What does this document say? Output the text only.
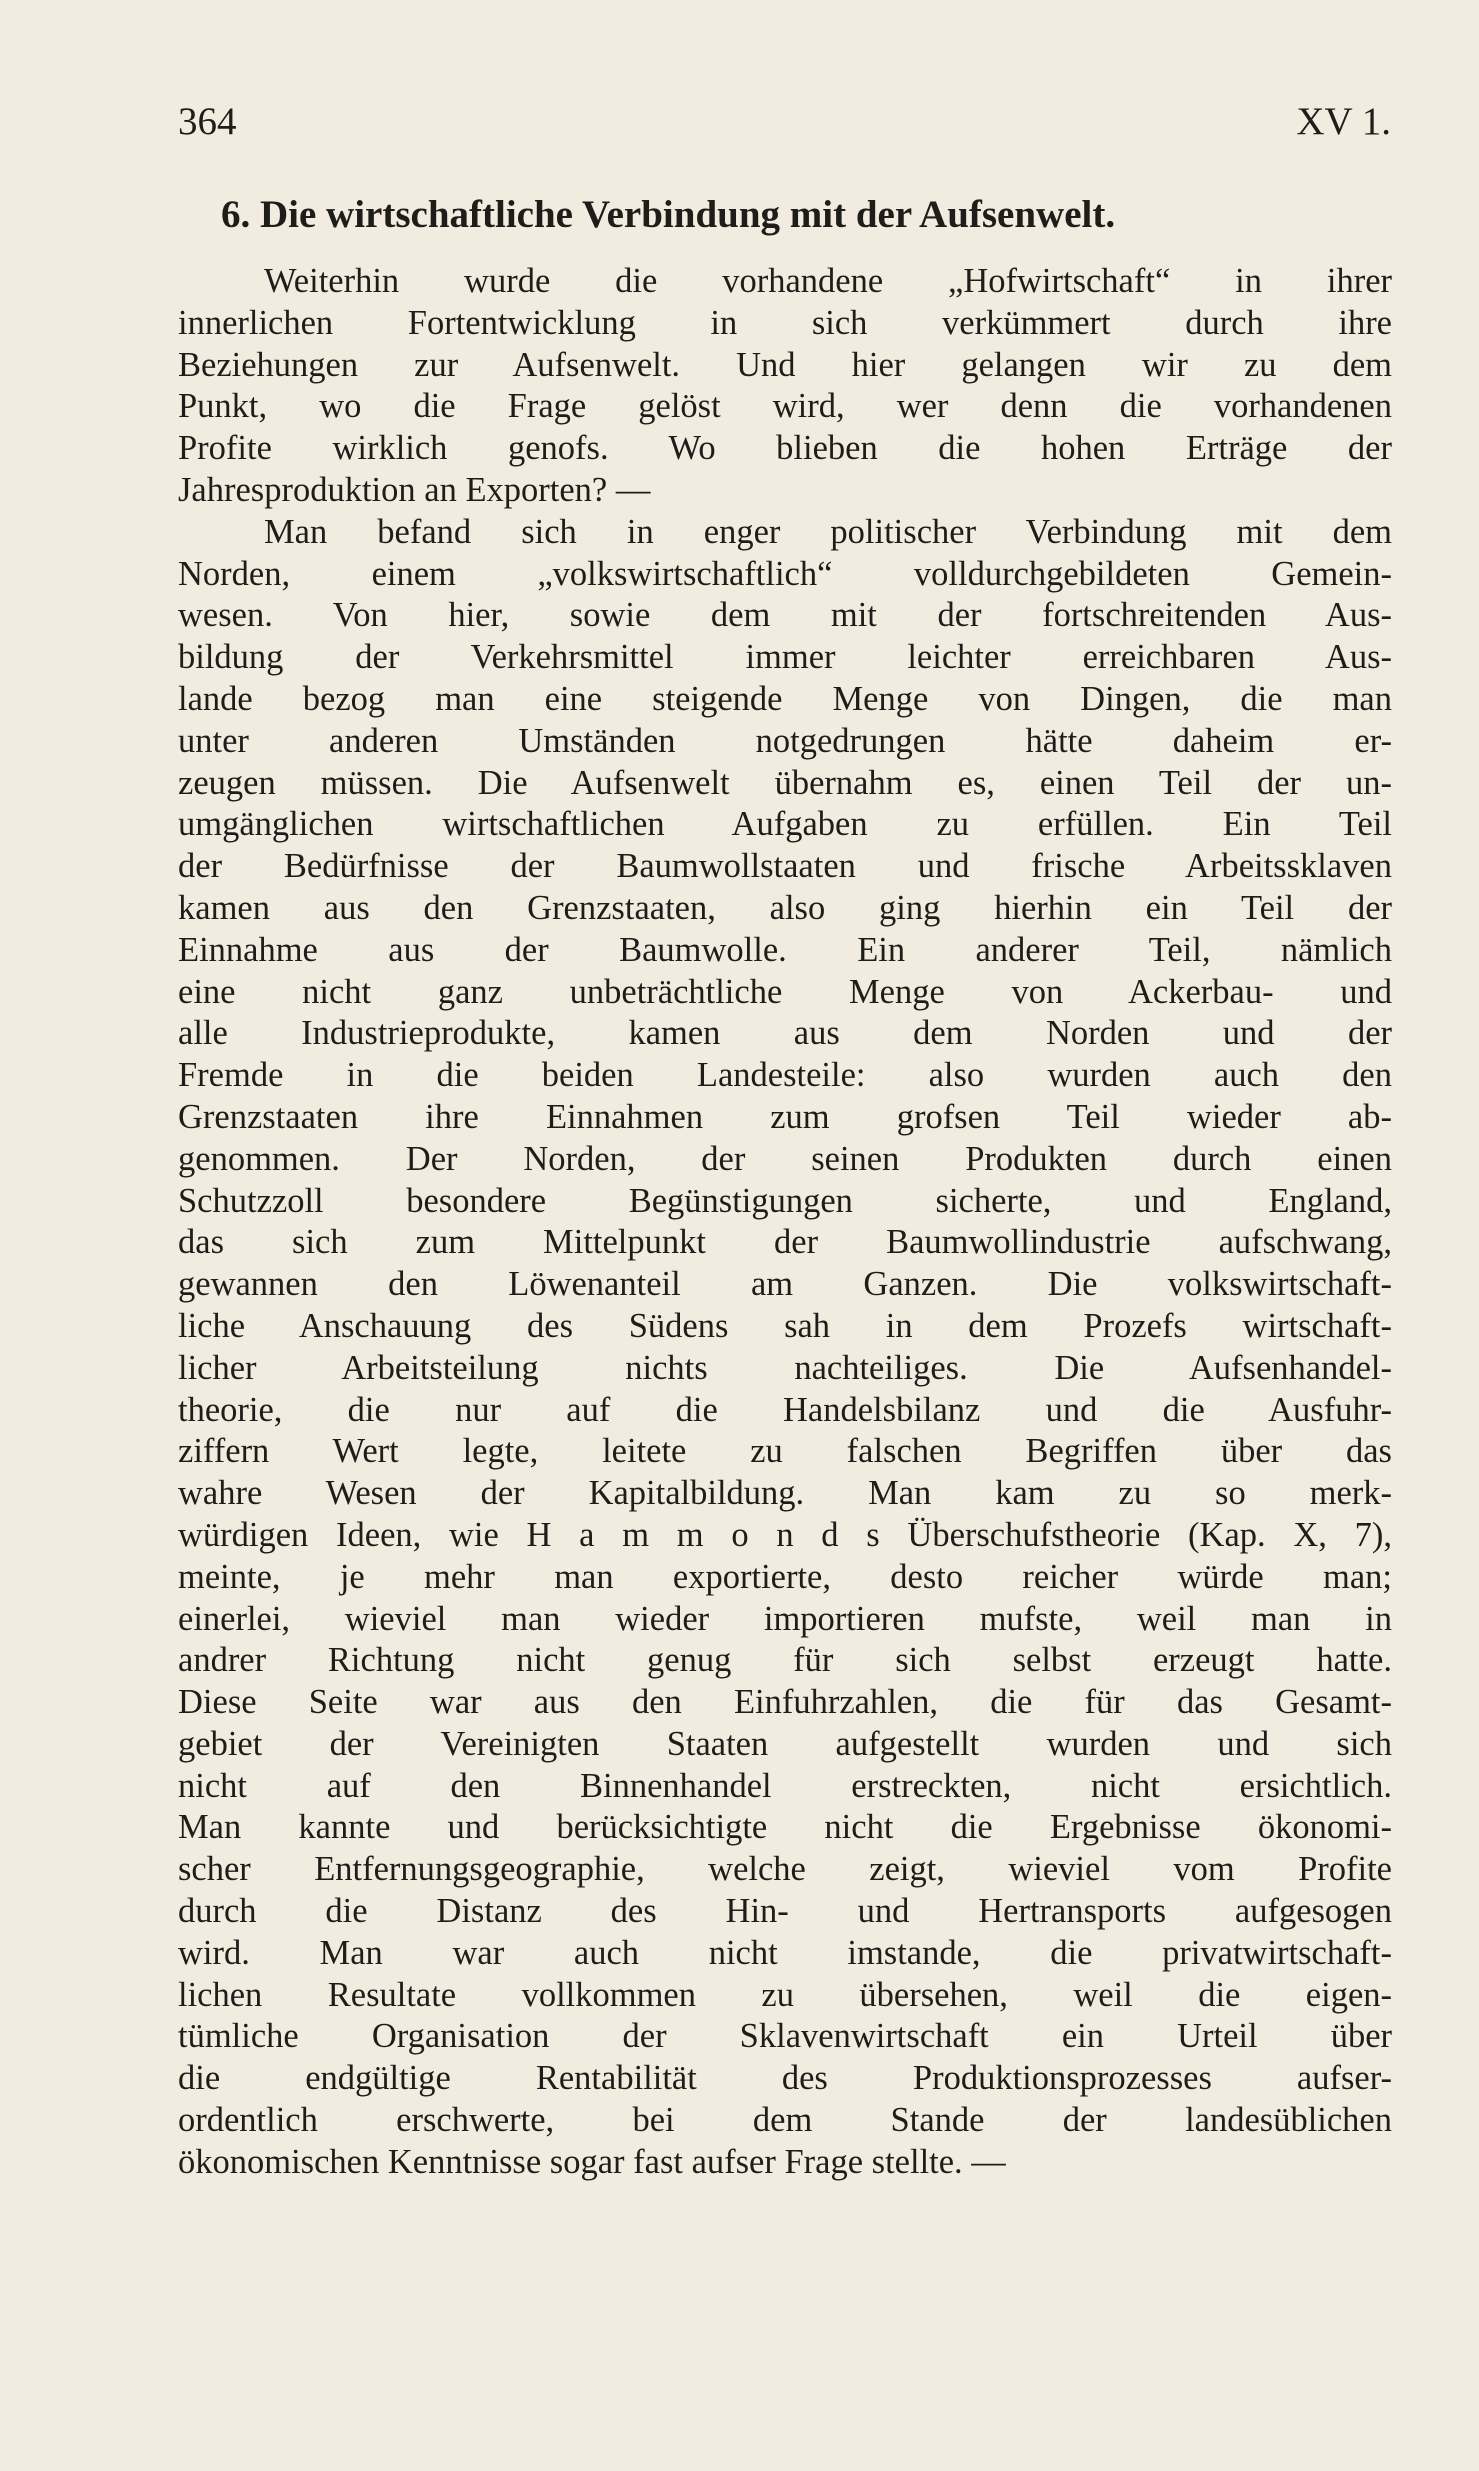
364	XV 1.
6. Die wirtschaftliche Verbindung mit der Aufsenwelt.
Weiterhin wurde die vorhandene „Hofwirtschaft“ in ihrer
innerlichen Fortentwicklung in sich verkümmert durch ihre
Beziehungen zur Aufsenwelt. Und hier gelangen wir zu dem
Punkt, wo die Frage gelöst wird, wer denn die vorhandenen
Profite wirklich genofs. Wo blieben die hohen Erträge der
Jahresproduktion an Exporten? —
Man befand sich in enger politischer Verbindung mit dem
Norden, einem „volkswirtschaftlich“ volldurchgebildeten Gemein-
wesen. Von hier, sowie dem mit der fortschreitenden Aus-
bildung der Verkehrsmittel immer leichter erreichbaren Aus-
lande bezog man eine steigende Menge von Dingen, die man
unter anderen Umständen notgedrungen hätte daheim er-
zeugen müssen. Die Aufsenwelt übernahm es, einen Teil der un-
umgänglichen wirtschaftlichen Aufgaben zu erfüllen. Ein Teil
der Bedürfnisse der Baumwollstaaten und frische Arbeitssklaven
kamen aus den Grenzstaaten, also ging hierhin ein Teil der
Einnahme aus der Baumwolle. Ein anderer Teil, nämlich
eine nicht ganz unbeträchtliche Menge von Ackerbau- und
alle Industrieprodukte, kamen aus dem Norden und der
Fremde in die beiden Landesteile: also wurden auch den
Grenzstaaten ihre Einnahmen zum grofsen Teil wieder ab-
genommen. Der Norden, der seinen Produkten durch einen
Schutzzoll besondere Begünstigungen sicherte, und England,
das sich zum Mittelpunkt der Baumwollindustrie aufschwang,
gewannen den Löwenanteil am Ganzen. Die volkswirtschaft-
liche Anschauung des Südens sah in dem Prozefs wirtschaft-
licher Arbeitsteilung nichts nachteiliges. Die Aufsenhandel-
theorie, die nur auf die Handelsbilanz und die Ausfuhr-
ziffern Wert legte, leitete zu falschen Begriffen über das
wahre Wesen der Kapitalbildung. Man kam zu so merk-
würdigen Ideen, wie H a m m o n d s Überschufstheorie (Kap. X, 7),
meinte, je mehr man exportierte, desto reicher würde man;
einerlei, wieviel man wieder importieren mufste, weil man in
andrer Richtung nicht genug für sich selbst erzeugt hatte.
Diese Seite war aus den Einfuhrzahlen, die für das Gesamt-
gebiet der Vereinigten Staaten aufgestellt wurden und sich
nicht auf den Binnenhandel erstreckten, nicht ersichtlich.
Man kannte und berücksichtigte nicht die Ergebnisse ökonomi-
scher Entfernungsgeographie, welche zeigt, wieviel vom Profite
durch die Distanz des Hin- und Hertransports aufgesogen
wird. Man war auch nicht imstande, die privatwirtschaft-
lichen Resultate vollkommen zu übersehen, weil die eigen-
tümliche Organisation der Sklavenwirtschaft ein Urteil über
die endgültige Rentabilität des Produktionsprozesses aufser-
ordentlich erschwerte, bei dem Stande der landesüblichen
ökonomischen Kenntnisse sogar fast aufser Frage stellte. —
